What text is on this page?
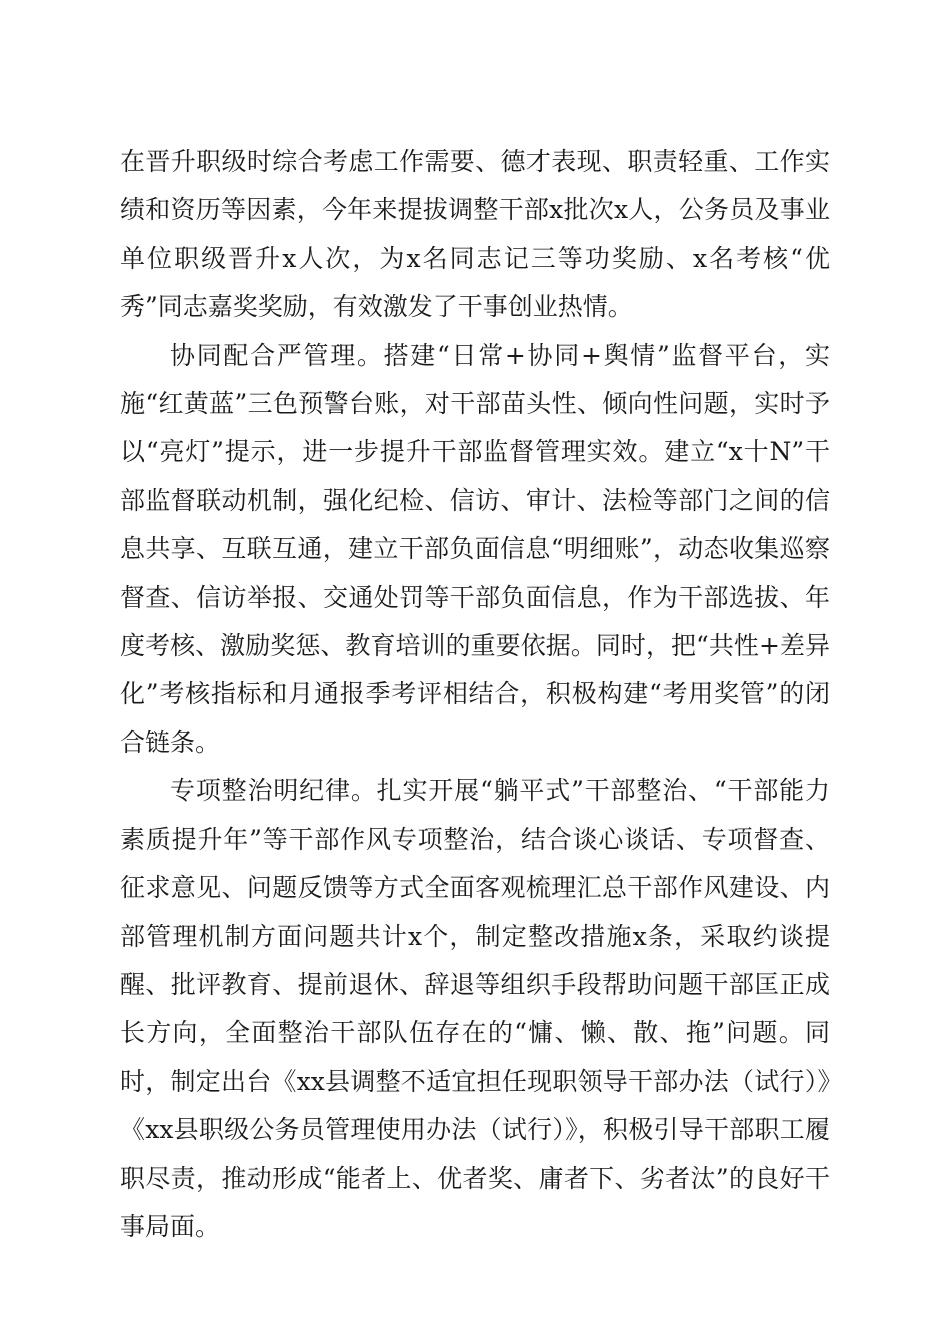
在晋升职级时综合考虑工作需要、德才表现、职责轻重、工作实绩和资历等因素，今年来提拔调整干部x批次x人，公务员及事业单位职级晋升x人次，为x名同志记三等功奖励、x名考核“优秀”同志嘉奖奖励，有效激发了干事创业热情。

协同配合严管理。搭建“日常+协同+舆情”监督平台，实施“红黄蓝”三色预警台账，对干部苗头性、倾向性问题，实时予以“亮灯”提示，进一步提升干部监督管理实效。建立“x十N”干部监督联动机制，强化纪检、信访、审计、法检等部门之间的信息共享、互联互通，建立干部负面信息“明细账”，动态收集巡察督查、信访举报、交通处罚等干部负面信息，作为干部选拔、年度考核、激励奖惩、教育培训的重要依据。同时，把“共性+差异化”考核指标和月通报季考评相结合，积极构建“考用奖管”的闭合链条。

专项整治明纪律。扎实开展“躺平式”干部整治、“干部能力素质提升年”等干部作风专项整治，结合谈心谈话、专项督查、征求意见、问题反馈等方式全面客观梳理汇总干部作风建设、内部管理机制方面问题共计x个，制定整改措施x条，采取约谈提醒、批评教育、提前退休、辞退等组织手段帮助问题干部匡正成长方向，全面整治干部队伍存在的“慵、懒、散、拖”问题。同时，制定出台《xx县调整不适宜担任现职领导干部办法（试行）》《xx县职级公务员管理使用办法（试行）》，积极引导干部职工履职尽责，推动形成“能者上、优者奖、庸者下、劣者汰”的良好干事局面。
